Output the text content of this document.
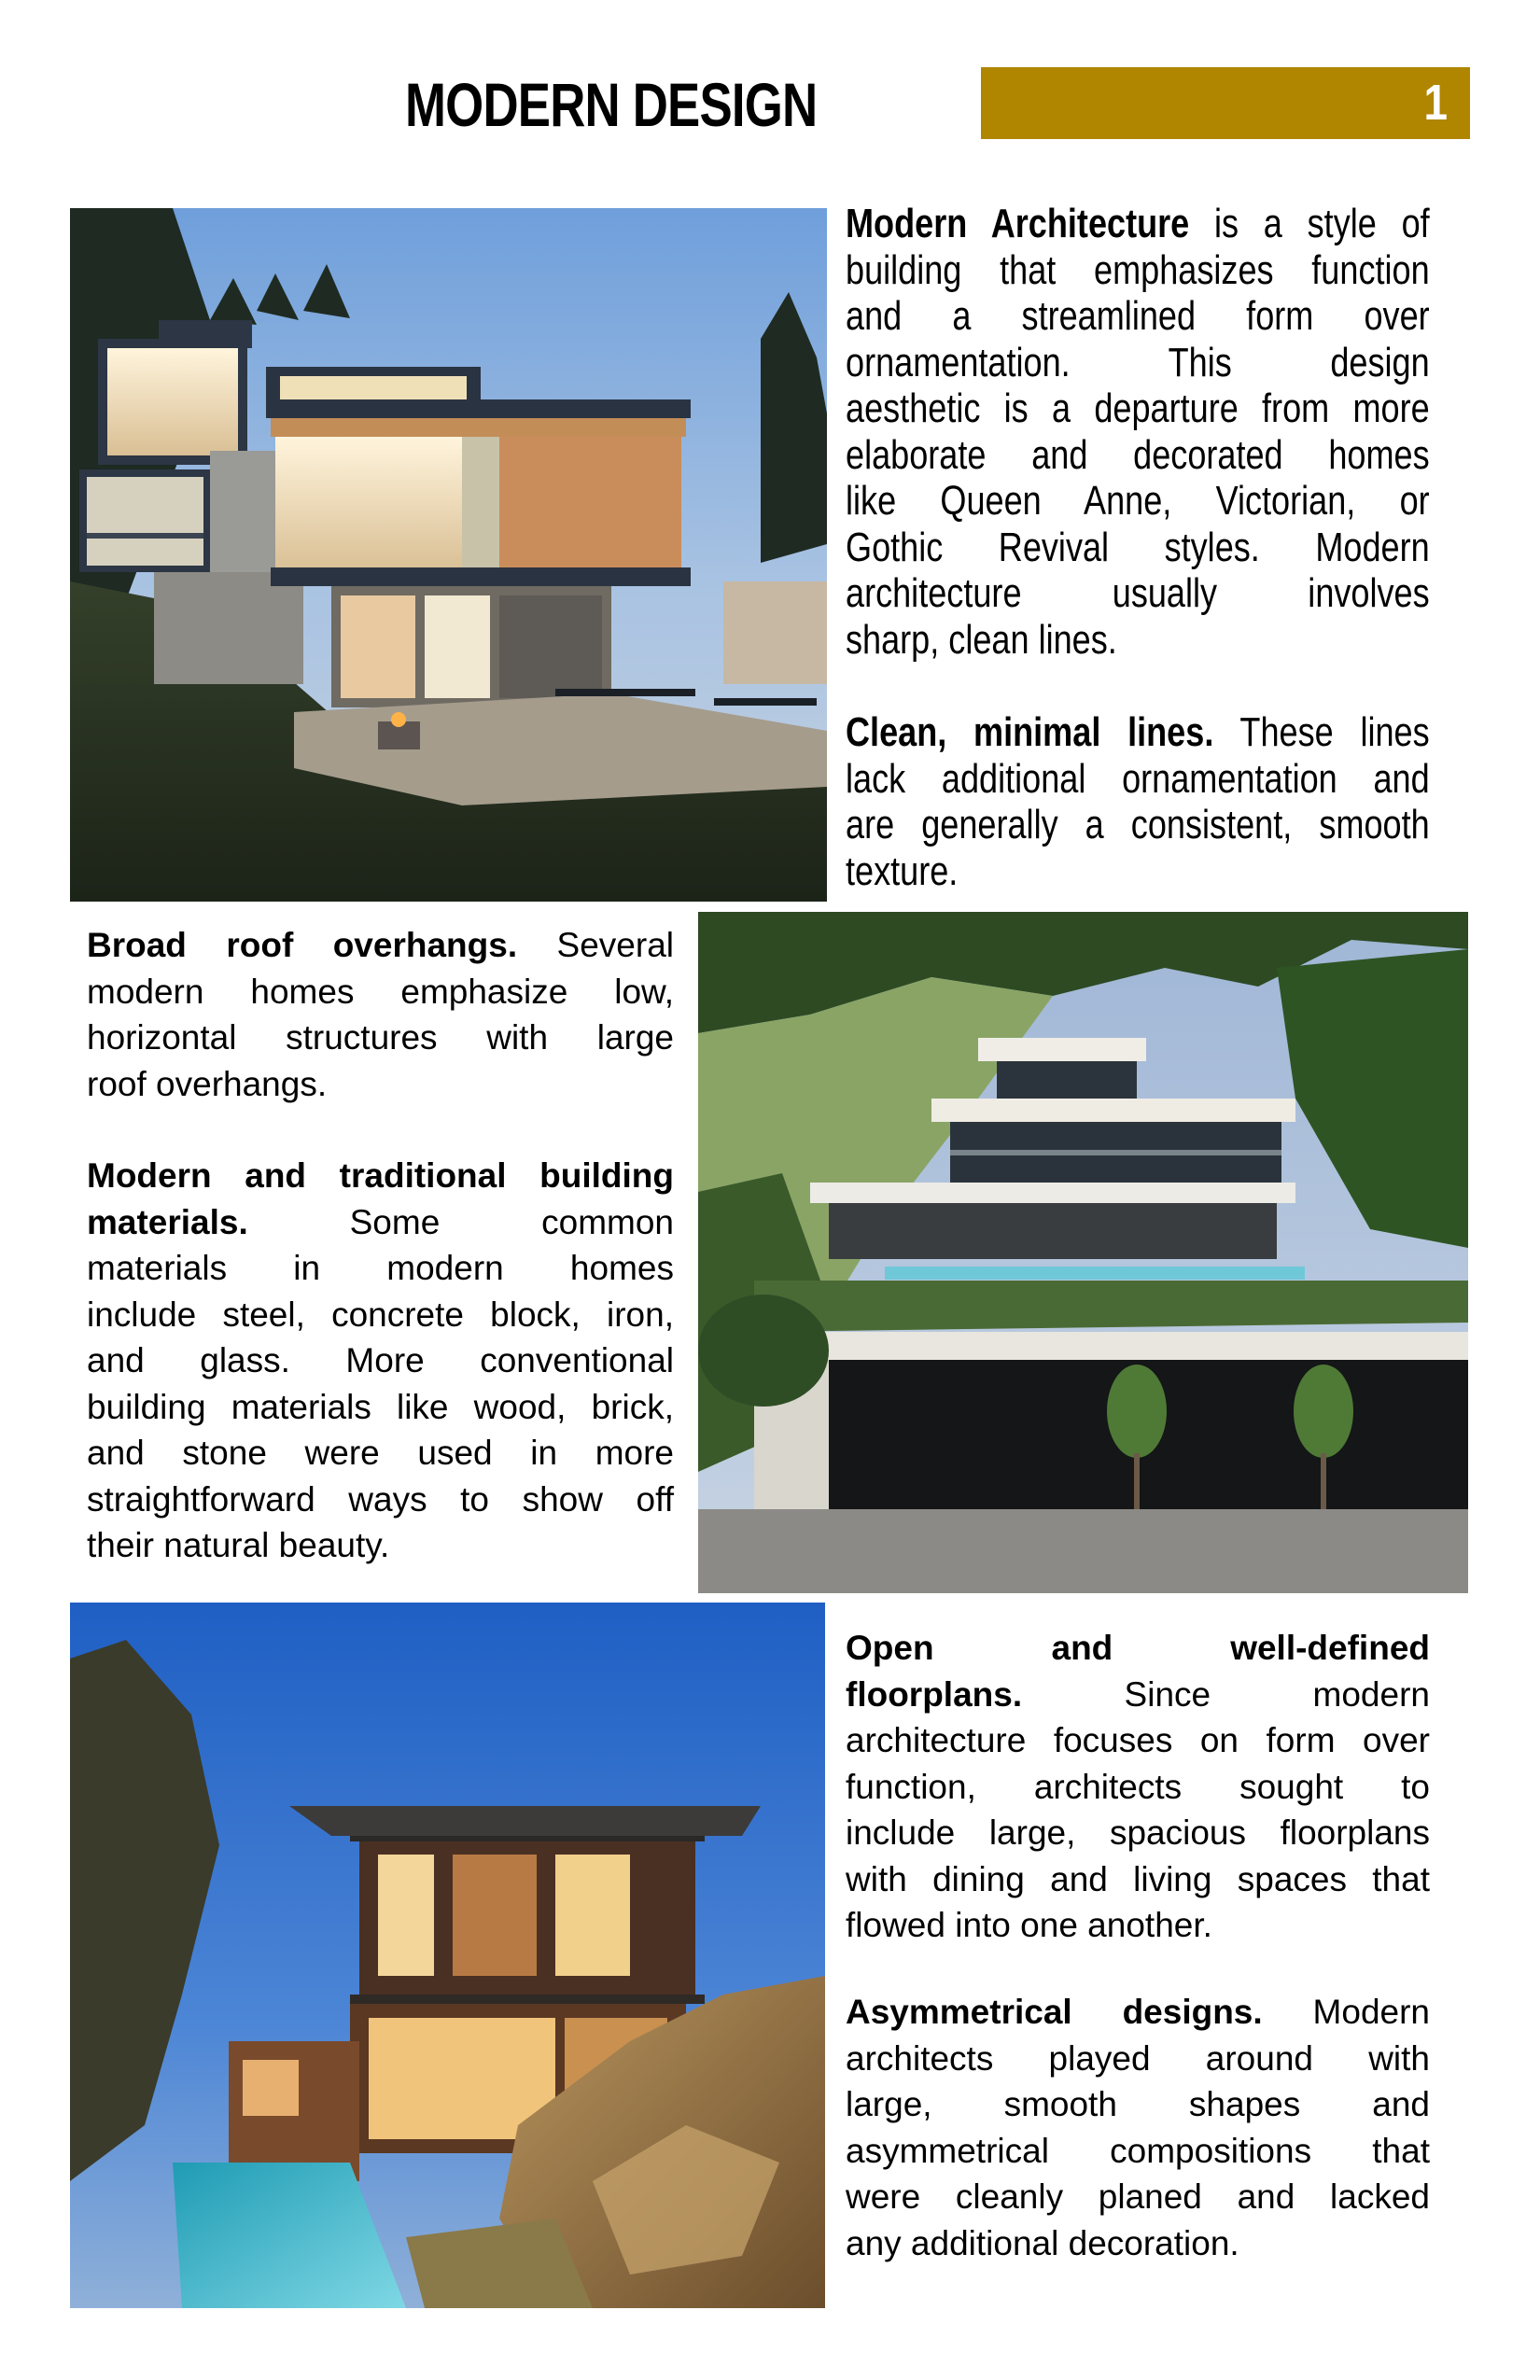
MODERN DESIGN	1
Modern Architecture is a style of
building that emphasizes function
and a streamlined form over
ornamentation. This design
aesthetic is a departure from more
elaborate and decorated homes
like Queen Anne, Victorian, or
Gothic Revival styles. Modern
architecture usually involves
sharp, clean lines.
Clean, minimal lines. These lines
lack additional ornamentation and
are generally a consistent, smooth
texture.
Broad roof overhangs. Several
modern homes emphasize low,
horizontal structures with large
roof overhangs.
Modern and traditional building
materials. Some common
materials in modern homes
include steel, concrete block, iron,
and glass. More conventional
building materials like wood, brick,
and stone were used in more
straightforward ways to show off
their natural beauty.
Open and well-defined
floorplans. Since modern
architecture focuses on form over
function, architects sought to
include large, spacious floorplans
with dining and living spaces that
flowed into one another.
Asymmetrical designs. Modern
architects played around with
large, smooth shapes and
asymmetrical compositions that
were cleanly planed and lacked
any additional decoration.
